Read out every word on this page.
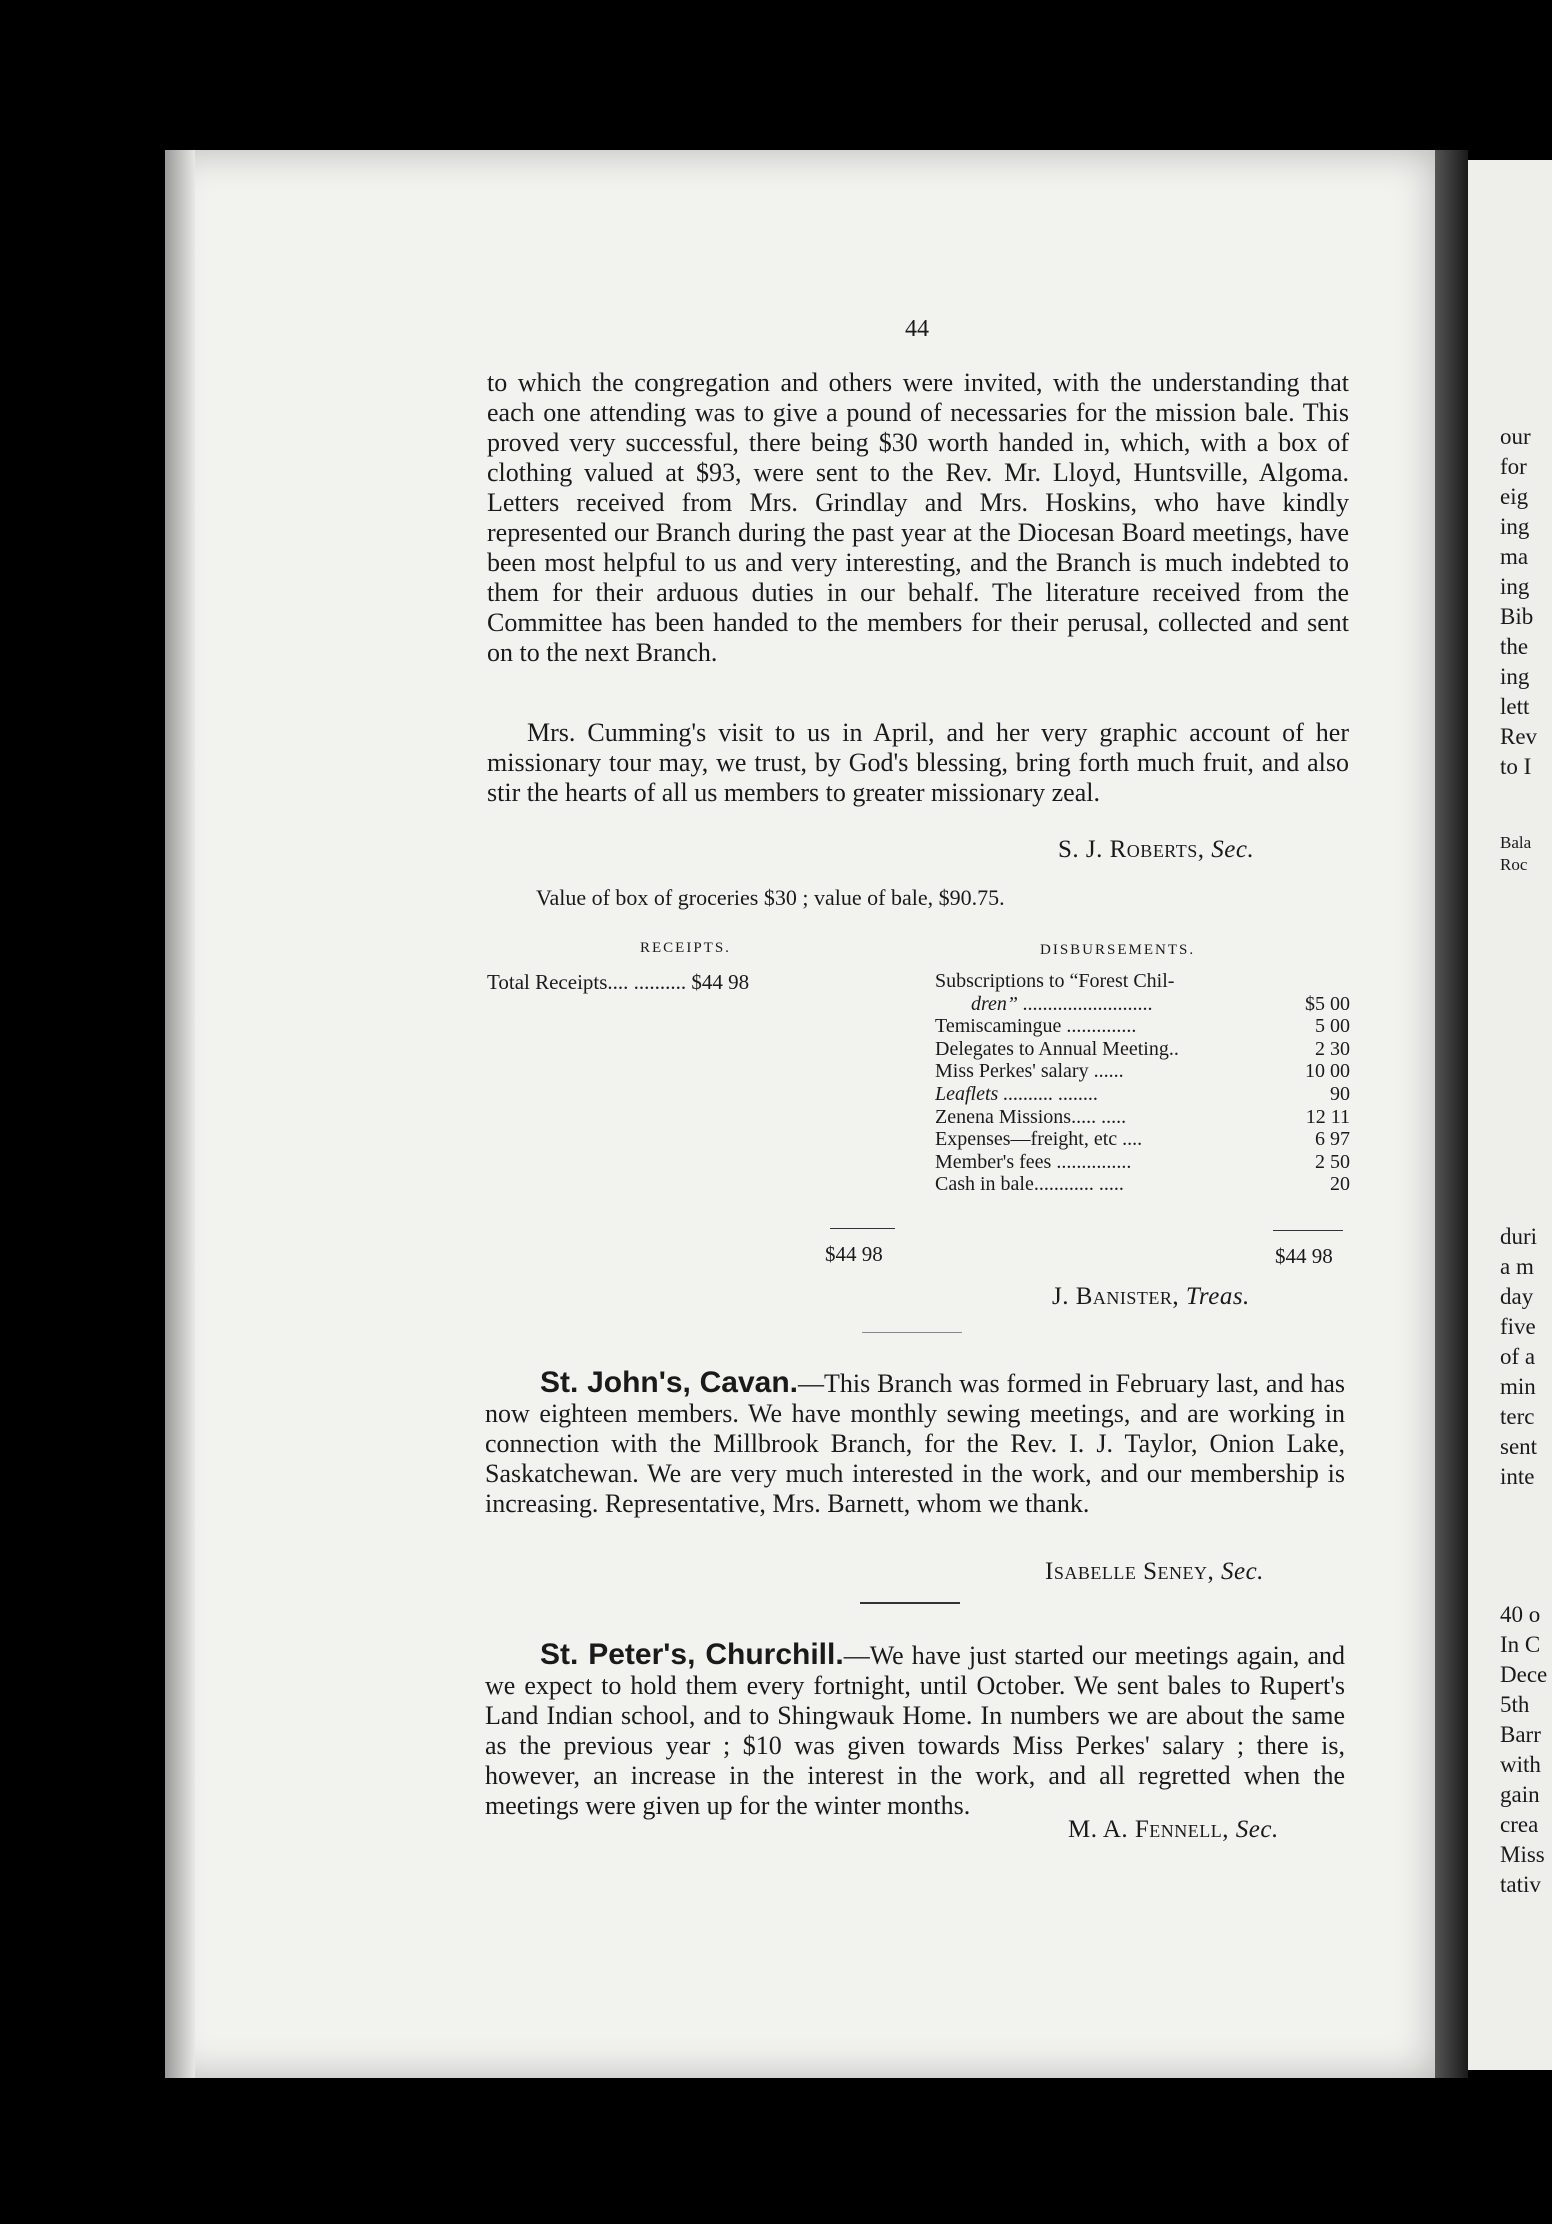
44
to which the congregation and others were invited, with the understanding that each one attending was to give a pound of necessaries for the mission bale. This proved very successful, there being $30 worth handed in, which, with a box of clothing valued at $93, were sent to the Rev. Mr. Lloyd, Huntsville, Algoma. Letters received from Mrs. Grindlay and Mrs. Hoskins, who have kindly represented our Branch during the past year at the Diocesan Board meetings, have been most helpful to us and very interesting, and the Branch is much indebted to them for their arduous duties in our behalf. The literature received from the Committee has been handed to the members for their perusal, collected and sent on to the next Branch.
Mrs. Cumming's visit to us in April, and her very graphic account of her missionary tour may, we trust, by God's blessing, bring forth much fruit, and also stir the hearts of all us members to greater missionary zeal.
S. J. Roberts, Sec.
Value of box of groceries $30 ; value of bale, $90.75.
RECEIPTS.	DISBURSEMENTS.
Total Receipts.... .......... $44 98	Subscriptions to “Forest Chil-
dren” ..........................	$5 00
Temiscamingue ..............	5 00
Delegates to Annual Meeting..	2 30
Miss Perkes' salary ......	10 00
Leaflets .......... ........	90
Zenena Missions..... .....	12 11
Expenses—freight, etc ....	6 97
Member's fees ...............	2 50
Cash in bale............ .....	20
$44 98	$44 98
J. Banister, Treas.
St. John's, Cavan.—This Branch was formed in February last, and has now eighteen members. We have monthly sewing meetings, and are working in connection with the Millbrook Branch, for the Rev. I. J. Taylor, Onion Lake, Saskatchewan. We are very much interested in the work, and our membership is increasing. Representative, Mrs. Barnett, whom we thank.
Isabelle Seney, Sec.
St. Peter's, Churchill.—We have just started our meetings again, and we expect to hold them every fortnight, until October. We sent bales to Rupert's Land Indian school, and to Shingwauk Home. In numbers we are about the same as the previous year ; $10 was given towards Miss Perkes' salary ; there is, however, an increase in the interest in the work, and all regretted when the meetings were given up for the winter months.
M. A. Fennell, Sec.
our
for
eig
ing
ma
ing
Bib
the
ing
lett
Rev
to I
Bala
Roc
duri
a m
day
five
of a
min
terc
sent
inte
40 o
In C
Dece
5th
Barr
with
gain
crea
Miss
tativ
